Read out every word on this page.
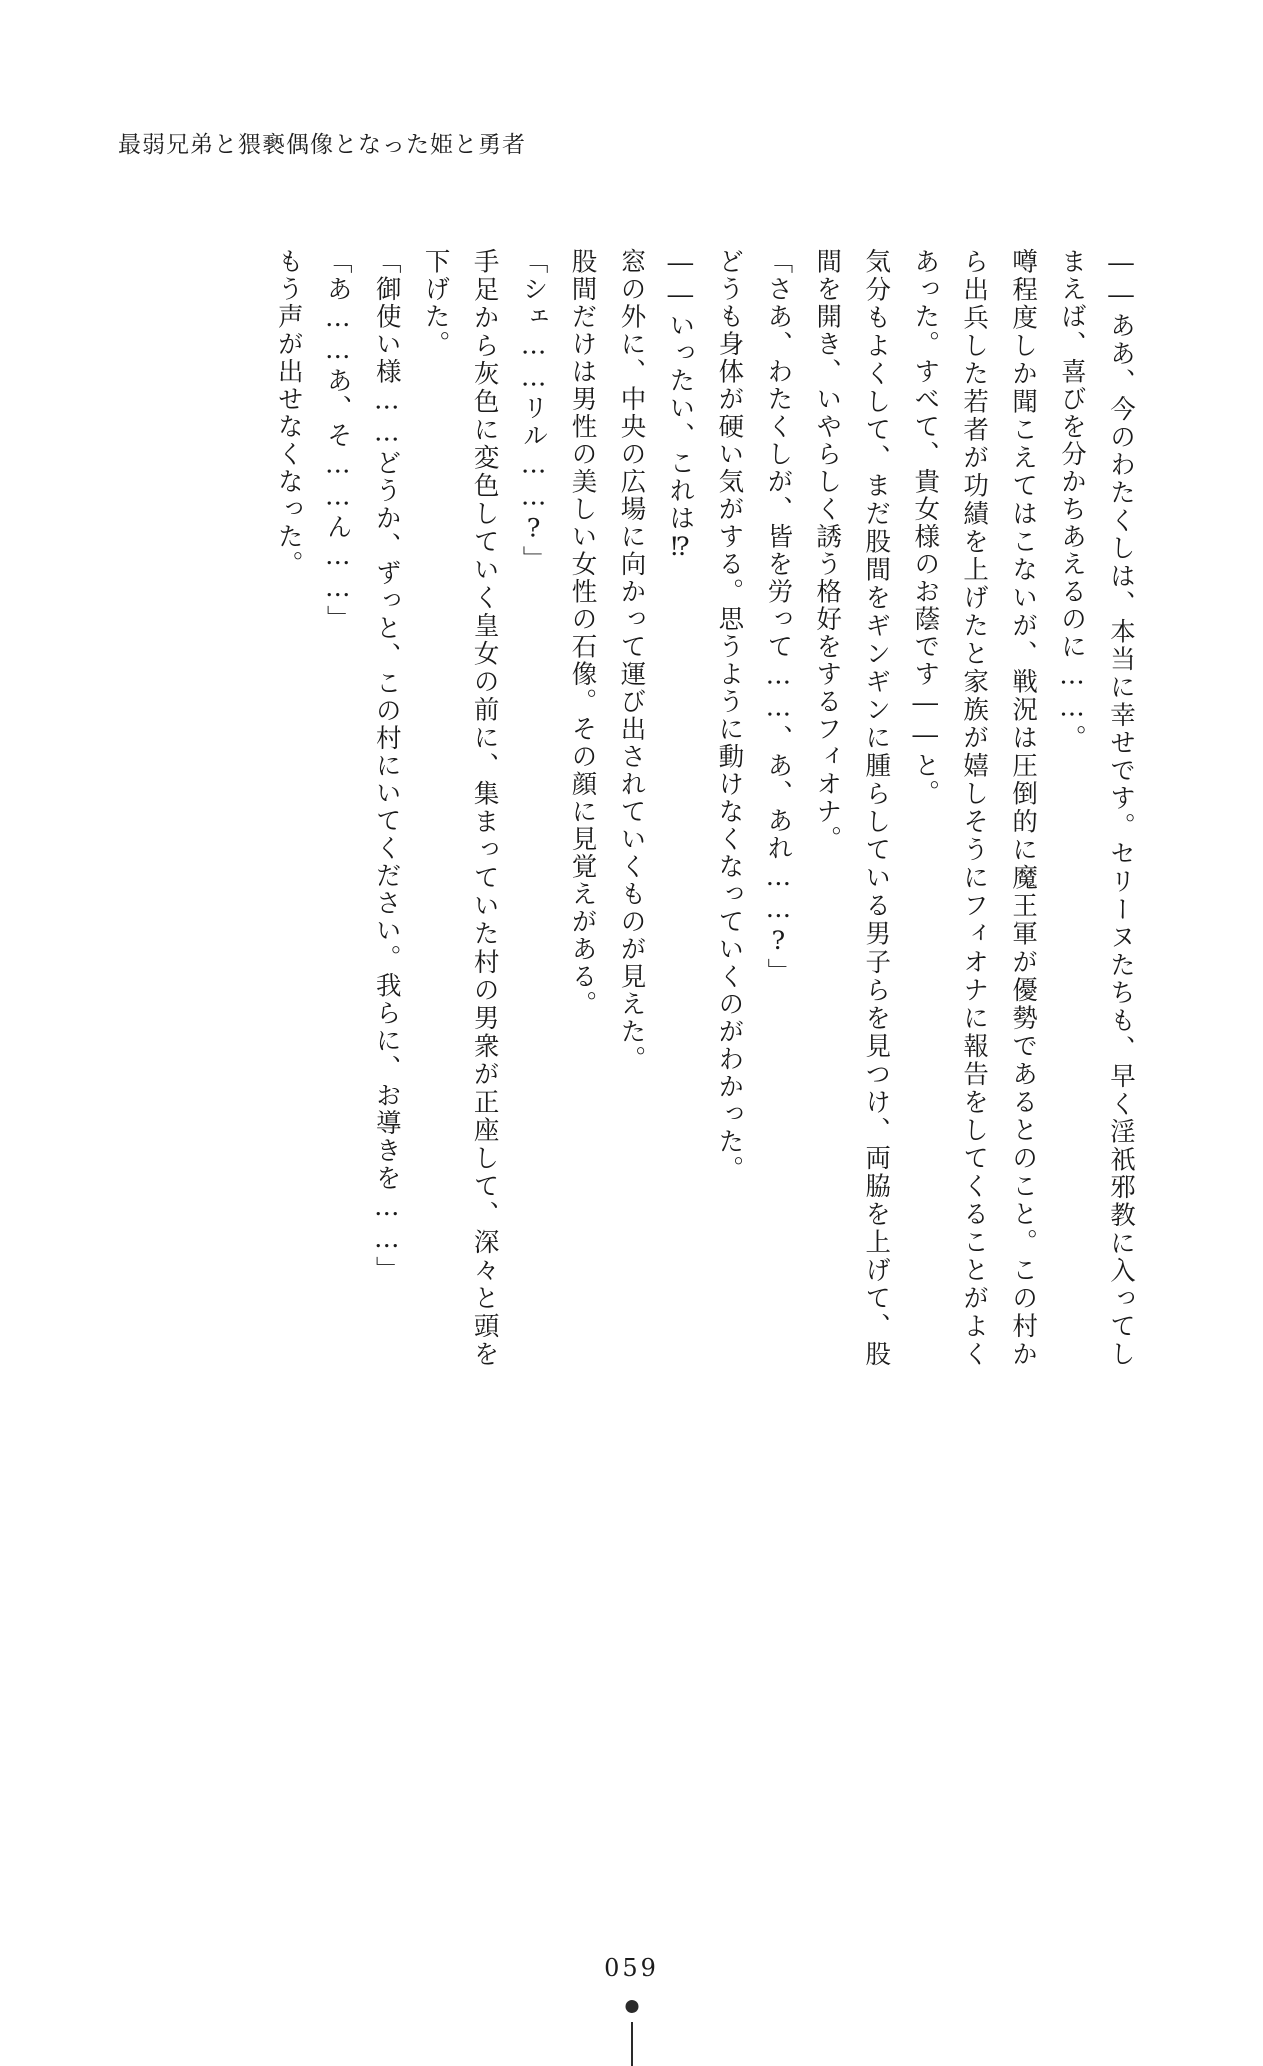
最弱兄弟と猥褻偶像となった姫と勇者

――ああ、今のわたくしは、本当に幸せです。セリーヌたちも、早く淫祇邪教に入ってしまえば、喜びを分かちあえるのに……。

噂程度しか聞こえてはこないが、戦況は圧倒的に魔王軍が優勢であるとのこと。この村から出兵した若者が功績を上げたと家族が嬉しそうにフィオナに報告をしてくることがよくあった。すべて、貴女様のお蔭です――と。

気分もよくして、まだ股間をギンギンに腫らしている男子らを見つけ、両脇を上げて、股間を開き、いやらしく誘う格好をするフィオナ。

「さあ、わたくしが、皆を労って……、あ、あれ……?」

どうも身体が硬い気がする。思うように動けなくなっていくのがわかった。

――いったい、これは⁉

窓の外に、中央の広場に向かって運び出されていくものが見えた。

股間だけは男性の美しい女性の石像。その顔に見覚えがある。

「シェ……リル……?」

手足から灰色に変色していく皇女の前に、集まっていた村の男衆が正座して、深々と頭を下げた。

「御使い様……どうか、ずっと、この村にいてください。我らに、お導きを……」

「あ……あ、そ……ん……」

もう声が出せなくなった。

059
